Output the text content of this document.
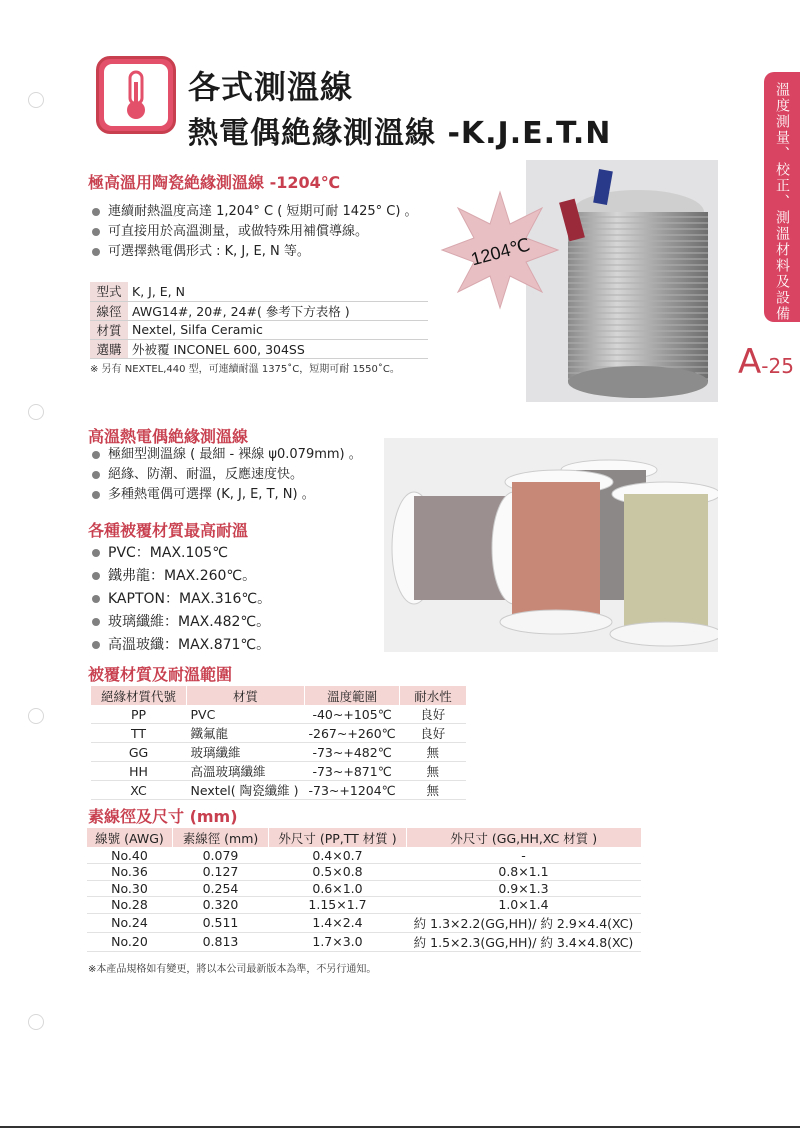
各式測溫線
熱電偶絶緣測溫線 -K.J.E.T.N	溫度測量、校正、測溫材料及設備
A-25
極高溫用陶瓷絶緣測溫線 -1204℃
連續耐熱溫度高達 1,204° C ( 短期可耐 1425° C) 。
可直接用於高溫測量，或做特殊用補償導線。
可選擇熱電偶形式 : K, J, E, N 等。
型式	K, J, E, N
線徑	AWG14#, 20#, 24#( 參考下方表格 )
材質	Nextel, Silfa Ceramic
選購	外被覆 INCONEL 600, 304SS
※ 另有 NEXTEL,440 型，可連續耐溫 1375˚C，短期可耐 1550˚C。
1204℃
高溫熱電偶絶緣測溫線
極細型測溫線 ( 最細 - 裸線 ψ0.079mm) 。
絕緣、防潮、耐溫，反應速度快。
多種熱電偶可選擇 (K, J, E, T, N) 。
各種被覆材質最高耐溫
PVC：MAX.105℃
鐵弗龍：MAX.260℃。
KAPTON：MAX.316℃。
玻璃纖維：MAX.482℃。
高溫玻纖：MAX.871℃。
被覆材質及耐溫範圍
絕緣材質代號	材質	溫度範圍	耐水性
PP	PVC	-40~+105℃	良好
TT	鐵氟龍	-267~+260℃	良好
GG	玻璃纖維	-73~+482℃	無
HH	高溫玻璃纖維	-73~+871℃	無
XC	Nextel( 陶瓷纖維 )	-73~+1204℃	無
素線徑及尺寸 (mm)
線號 (AWG)	素線徑 (mm)	外尺寸 (PP,TT 材質 )	外尺寸 (GG,HH,XC 材質 )
No.40	0.079	0.4×0.7	-
No.36	0.127	0.5×0.8	0.8×1.1
No.30	0.254	0.6×1.0	0.9×1.3
No.28	0.320	1.15×1.7	1.0×1.4
No.24	0.511	1.4×2.4	約 1.3×2.2(GG,HH)/ 約 2.9×4.4(XC)
No.20	0.813	1.7×3.0	約 1.5×2.3(GG,HH)/ 約 3.4×4.8(XC)
※本產品規格如有變更，將以本公司最新版本為準，不另行通知。
